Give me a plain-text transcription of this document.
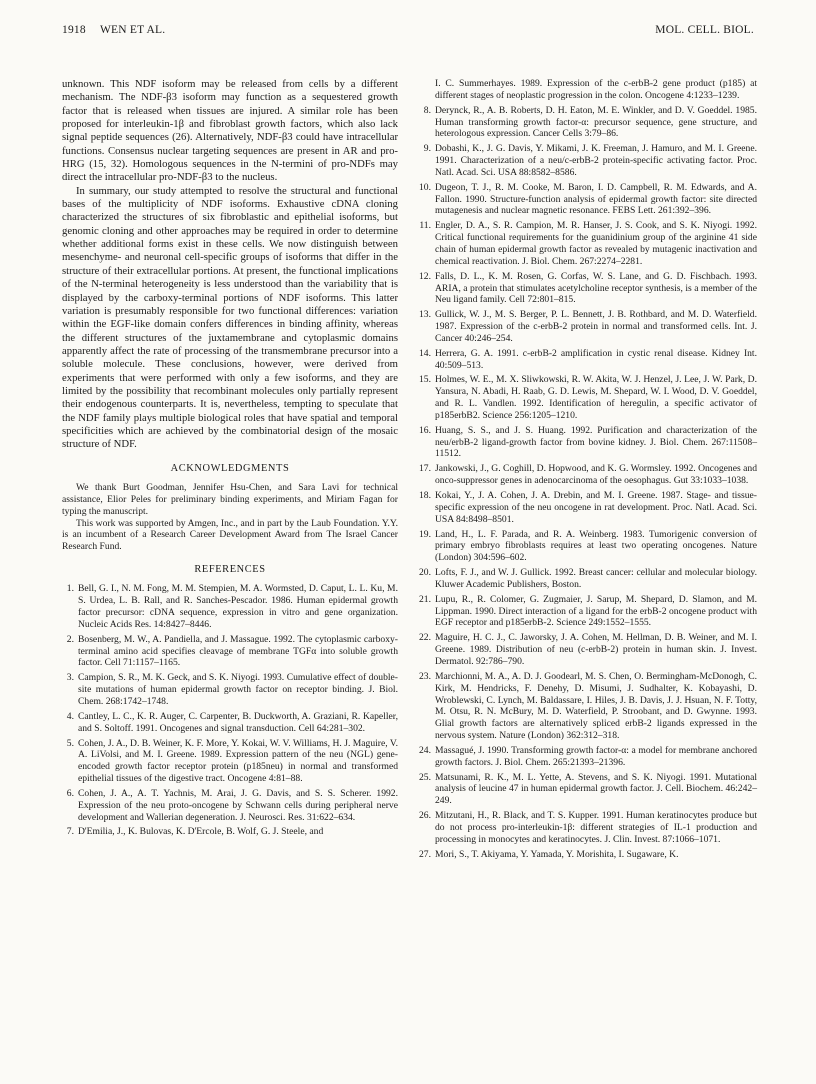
1918 WEN ET AL.	MOL. CELL. BIOL.

unknown. This NDF isoform may be released from cells by a different mechanism. The NDF-β3 isoform may function as a sequestered growth factor that is released when tissues are injured. A similar role has been proposed for interleukin-1β and fibroblast growth factors, which also lack signal peptide sequences (26). Alternatively, NDF-β3 could have intracellular functions. Consensus nuclear targeting sequences are present in AR and pro-HRG (15, 32). Homologous sequences in the N-termini of pro-NDFs may direct the intracellular pro-NDF-β3 to the nucleus.

In summary, our study attempted to resolve the structural and functional bases of the multiplicity of NDF isoforms. Exhaustive cDNA cloning characterized the structures of six fibroblastic and epithelial isoforms, but genomic cloning and other approaches may be required in order to determine whether additional forms exist in these cells. We now distinguish between mesenchyme- and neuronal cell-specific groups of isoforms that differ in the structure of their extracellular portions. At present, the functional implications of the N-terminal heterogeneity is less understood than the variability that is displayed by the carboxy-terminal portions of NDF isoforms. This latter variation is presumably responsible for two functional differences: variation within the EGF-like domain confers differences in binding affinity, whereas the different structures of the juxtamembrane and cytoplasmic domains apparently affect the rate of processing of the transmembrane precursor into a soluble molecule. These conclusions, however, were derived from experiments that were performed with only a few isoforms, and they are limited by the possibility that recombinant molecules only partially represent their endogenous counterparts. It is, nevertheless, tempting to speculate that the NDF family plays multiple biological roles that have spatial and temporal specificities which are achieved by the combinatorial design of the mosaic structure of NDF.

ACKNOWLEDGMENTS

We thank Burt Goodman, Jennifer Hsu-Chen, and Sara Lavi for technical assistance, Elior Peles for preliminary binding experiments, and Miriam Fagan for typing the manuscript.

This work was supported by Amgen, Inc., and in part by the Laub Foundation. Y.Y. is an incumbent of a Research Career Development Award from The Israel Cancer Research Fund.

REFERENCES
1. Bell, G. I., N. M. Fong, M. M. Stempien, M. A. Wormsted, D. Caput, L. L. Ku, M. S. Urdea, L. B. Rall, and R. Sanches-Pescador. 1986. Human epidermal growth factor precursor: cDNA sequence, expression in vitro and gene organization. Nucleic Acids Res. 14:8427–8446.
2. Bosenberg, M. W., A. Pandiella, and J. Massague. 1992. The cytoplasmic carboxy-terminal amino acid specifies cleavage of membrane TGFα into soluble growth factor. Cell 71:1157–1165.
3. Campion, S. R., M. K. Geck, and S. K. Niyogi. 1993. Cumulative effect of double-site mutations of human epidermal growth factor on receptor binding. J. Biol. Chem. 268:1742–1748.
4. Cantley, L. C., K. R. Auger, C. Carpenter, B. Duckworth, A. Graziani, R. Kapeller, and S. Soltoff. 1991. Oncogenes and signal transduction. Cell 64:281–302.
5. Cohen, J. A., D. B. Weiner, K. F. More, Y. Kokai, W. V. Williams, H. J. Maguire, V. A. LiVolsi, and M. I. Greene. 1989. Expression pattern of the neu (NGL) gene-encoded growth factor receptor protein (p185neu) in normal and transformed epithelial tissues of the digestive tract. Oncogene 4:81–88.
6. Cohen, J. A., A. T. Yachnis, M. Arai, J. G. Davis, and S. S. Scherer. 1992. Expression of the neu proto-oncogene by Schwann cells during peripheral nerve development and Wallerian degeneration. J. Neurosci. Res. 31:622–634.
7. D'Emilia, J., K. Bulovas, K. D'Ercole, B. Wolf, G. J. Steele, and
I. C. Summerhayes. 1989. Expression of the c-erbB-2 gene product (p185) at different stages of neoplastic progression in the colon. Oncogene 4:1233–1239.
8. Derynck, R., A. B. Roberts, D. H. Eaton, M. E. Winkler, and D. V. Goeddel. 1985. Human transforming growth factor-α: precursor sequence, gene structure, and heterologous expression. Cancer Cells 3:79–86.
9. Dobashi, K., J. G. Davis, Y. Mikami, J. K. Freeman, J. Hamuro, and M. I. Greene. 1991. Characterization of a neu/c-erbB-2 protein-specific activating factor. Proc. Natl. Acad. Sci. USA 88:8582–8586.
10. Dugeon, T. J., R. M. Cooke, M. Baron, I. D. Campbell, R. M. Edwards, and A. Fallon. 1990. Structure-function analysis of epidermal growth factor: site directed mutagenesis and nuclear magnetic resonance. FEBS Lett. 261:392–396.
11. Engler, D. A., S. R. Campion, M. R. Hanser, J. S. Cook, and S. K. Niyogi. 1992. Critical functional requirements for the guanidinium group of the arginine 41 side chain of human epidermal growth factor as revealed by mutagenic inactivation and chemical reactivation. J. Biol. Chem. 267:2274–2281.
12. Falls, D. L., K. M. Rosen, G. Corfas, W. S. Lane, and G. D. Fischbach. 1993. ARIA, a protein that stimulates acetylcholine receptor synthesis, is a member of the Neu ligand family. Cell 72:801–815.
13. Gullick, W. J., M. S. Berger, P. L. Bennett, J. B. Rothbard, and M. D. Waterfield. 1987. Expression of the c-erbB-2 protein in normal and transformed cells. Int. J. Cancer 40:246–254.
14. Herrera, G. A. 1991. c-erbB-2 amplification in cystic renal disease. Kidney Int. 40:509–513.
15. Holmes, W. E., M. X. Sliwkowski, R. W. Akita, W. J. Henzel, J. Lee, J. W. Park, D. Yansura, N. Abadi, H. Raab, G. D. Lewis, M. Shepard, W. I. Wood, D. V. Goeddel, and R. L. Vandlen. 1992. Identification of heregulin, a specific activator of p185erbB2. Science 256:1205–1210.
16. Huang, S. S., and J. S. Huang. 1992. Purification and characterization of the neu/erbB-2 ligand-growth factor from bovine kidney. J. Biol. Chem. 267:11508–11512.
17. Jankowski, J., G. Coghill, D. Hopwood, and K. G. Wormsley. 1992. Oncogenes and onco-suppressor genes in adenocarcinoma of the oesophagus. Gut 33:1033–1038.
18. Kokai, Y., J. A. Cohen, J. A. Drebin, and M. I. Greene. 1987. Stage- and tissue-specific expression of the neu oncogene in rat development. Proc. Natl. Acad. Sci. USA 84:8498–8501.
19. Land, H., L. F. Parada, and R. A. Weinberg. 1983. Tumorigenic conversion of primary embryo fibroblasts requires at least two operating oncogenes. Nature (London) 304:596–602.
20. Lofts, F. J., and W. J. Gullick. 1992. Breast cancer: cellular and molecular biology. Kluwer Academic Publishers, Boston.
21. Lupu, R., R. Colomer, G. Zugmaier, J. Sarup, M. Shepard, D. Slamon, and M. Lippman. 1990. Direct interaction of a ligand for the erbB-2 oncogene product with EGF receptor and p185erbB-2. Science 249:1552–1555.
22. Maguire, H. C. J., C. Jaworsky, J. A. Cohen, M. Hellman, D. B. Weiner, and M. I. Greene. 1989. Distribution of neu (c-erbB-2) protein in human skin. J. Invest. Dermatol. 92:786–790.
23. Marchionni, M. A., A. D. J. Goodearl, M. S. Chen, O. Bermingham-McDonogh, C. Kirk, M. Hendricks, F. Denehy, D. Misumi, J. Sudhalter, K. Kobayashi, D. Wroblewski, C. Lynch, M. Baldassare, I. Hiles, J. B. Davis, J. J. Hsuan, N. F. Totty, M. Otsu, R. N. McBury, M. D. Waterfield, P. Stroobant, and D. Gwynne. 1993. Glial growth factors are alternatively spliced erbB-2 ligands expressed in the nervous system. Nature (London) 362:312–318.
24. Massagué, J. 1990. Transforming growth factor-α: a model for membrane anchored growth factors. J. Biol. Chem. 265:21393–21396.
25. Matsunami, R. K., M. L. Yette, A. Stevens, and S. K. Niyogi. 1991. Mutational analysis of leucine 47 in human epidermal growth factor. J. Cell. Biochem. 46:242–249.
26. Mitzutani, H., R. Black, and T. S. Kupper. 1991. Human keratinocytes produce but do not process pro-interleukin-1β: different strategies of IL-1 production and processing in monocytes and keratinocytes. J. Clin. Invest. 87:1066–1071.
27. Mori, S., T. Akiyama, Y. Yamada, Y. Morishita, I. Sugaware, K.
